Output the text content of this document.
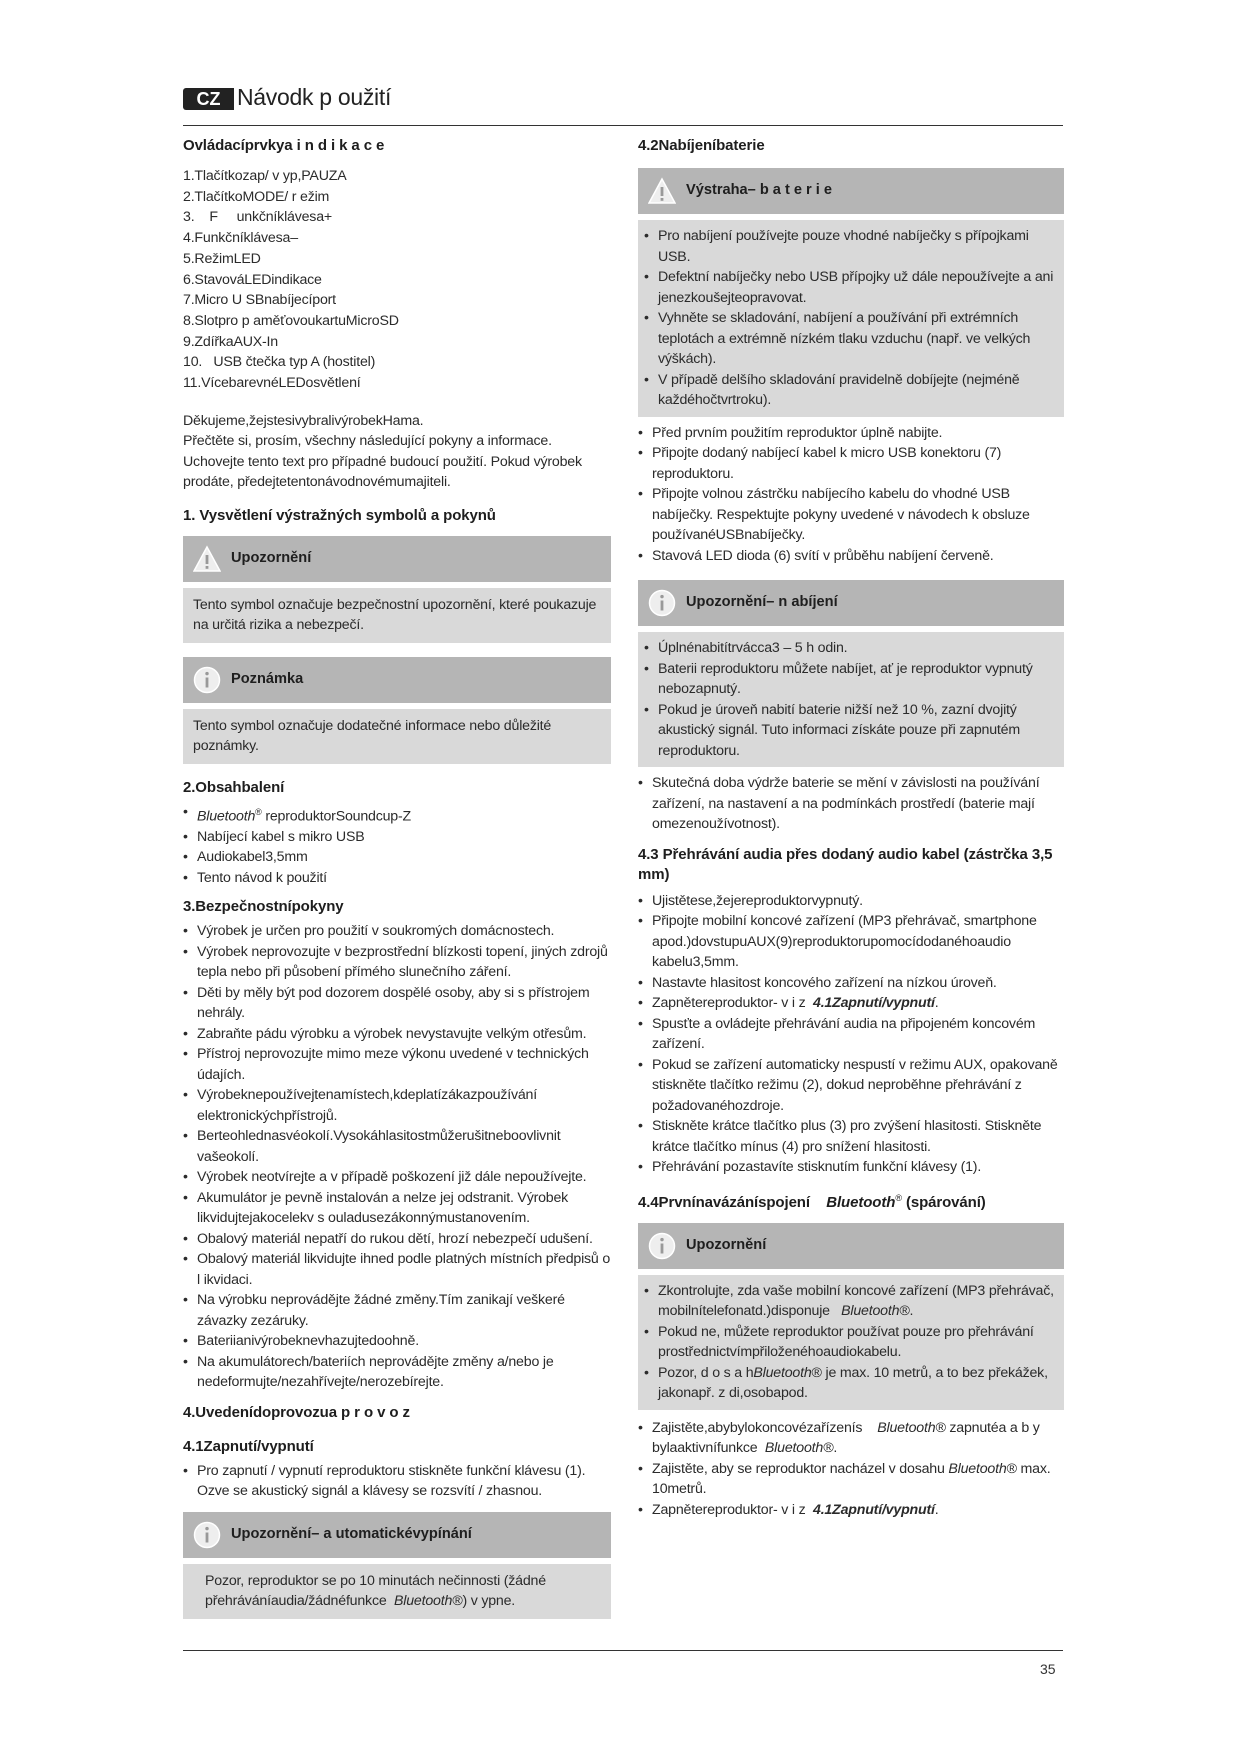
CZ Návodk p oužití
Ovládacíprvkya i n d i k a c e
1.Tlačítkozap/ v yp,PAUZA
2.TlačítkoMODE/ r ežim
3.    F     unkčníklávesa+
4.Funkčníklávesa–
5.RežimLED
6.StavováLEDindikace
7.Micro U SBnabíjecíport
8.Slotpro p aměťovoukartuMicroSD
9.ZdířkaAUX-In
10.   USB čtečka typ A (hostitel)
11.VícebarevnéLEDosvětlení

Děkujeme,žejstesivybralivýrobekHama.

Přečtěte si, prosím, všechny následující pokyny a informace. Uchovejte tento text pro případné budoucí použití. Pokud výrobek prodáte, předejtetentonávodnovémumajiteli.

1. Vysvětlení výstražných symbolů a pokynů
Upozornění

Tento symbol označuje bezpečnostní upozornění, které poukazuje na určitá rizika a nebezpečí.

Poznámka

Tento symbol označuje dodatečné informace nebo důležité poznámky.

2.Obsahbalení
• Bluetooth® reproduktorSoundcup-Z
• Nabíjecí kabel s mikro USB
• Audiokabel3,5mm
• Tento návod k použití
3.Bezpečnostnípokyny
• Výrobek je určen pro použití v soukromých domácnostech.
• Výrobek neprovozujte v bezprostřední blízkosti topení, jiných zdrojů tepla nebo při působení přímého slunečního záření.
• Děti by měly být pod dozorem dospělé osoby, aby si s přístrojem nehrály.
• Zabraňte pádu výrobku a výrobek nevystavujte velkým otřesům.
• Přístroj neprovozujte mimo meze výkonu uvedené v technických údajích.
• Výrobeknepoužívejtenamístech,kdeplatízákazpoužívání elektronickýchpřístrojů.
• Berteohlednasvéokolí.Vysokáhlasitostmůžerušitneboovlivnit vašeokolí.
• Výrobek neotvírejte a v případě poškození již dále nepoužívejte.
• Akumulátor je pevně instalován a nelze jej odstranit. Výrobek likvidujtejakocelekv s ouladusezákonnýmustanovením.
• Obalový materiál nepatří do rukou dětí, hrozí nebezpečí udušení.
• Obalový materiál likvidujte ihned podle platných místních předpisů o l ikvidaci.
• Na výrobku neprovádějte žádné změny.Tím zanikají veškeré závazky zezáruky.
• Bateriianivýrobeknevhazujtedoohně.
• Na akumulátorech/bateriích neprovádějte změny a/nebo je nedeformujte/nezahřívejte/nerozebírejte.
4.Uvedenídoprovozua p r o v o z
4.1Zapnutí/vypnutí
• Pro zapnutí / vypnutí reproduktoru stiskněte funkční klávesu (1). Ozve se akustický signál a klávesy se rozsvítí / zhasnou.
Upozornění– a utomatickévypínání

Pozor, reproduktor se po 10 minutách nečinnosti (žádné přehráváníaudia/žádnéfunkce Bluetooth®) v ypne.

4.2Nabíjeníbaterie
Výstraha– b a t e r i e
• Pro nabíjení používejte pouze vhodné nabíječky s přípojkami USB.
• Defektní nabíječky nebo USB přípojky už dále nepoužívejte a ani jenezkoušejteopravovat.
• Vyhněte se skladování, nabíjení a používání při extrémních teplotách a extrémně nízkém tlaku vzduchu (např. ve velkých výškách).
• V případě delšího skladování pravidelně dobíjejte (nejméně každéhočtvrtroku).
• Před prvním použitím reproduktor úplně nabijte.
• Připojte dodaný nabíjecí kabel k micro USB konektoru (7) reproduktoru.
• Připojte volnou zástrčku nabíjecího kabelu do vhodné USB nabíječky. Respektujte pokyny uvedené v návodech k obsluze používanéUSBnabíječky.
• Stavová LED dioda (6) svítí v průběhu nabíjení červeně.
Upozornění– n abíjení
• Úplnénabitítrvácca3 – 5 h odin.
• Baterii reproduktoru můžete nabíjet, ať je reproduktor vypnutý nebozapnutý.
• Pokud je úroveň nabití baterie nižší než 10 %, zazní dvojitý akustický signál. Tuto informaci získáte pouze při zapnutém reproduktoru.
• Skutečná doba výdrže baterie se mění v závislosti na používání zařízení, na nastavení a na podmínkách prostředí (baterie mají omezenoužívotnost).
4.3 Přehrávání audia přes dodaný audio kabel (zástrčka 3,5 mm)
• Ujistětese,žejereproduktorvypnutý.
• Připojte mobilní koncové zařízení (MP3 přehrávač, smartphone apod.)dovstupuAUX(9)reproduktorupomocídodanéhoaudio kabelu3,5mm.
• Nastavte hlasitost koncového zařízení na nízkou úroveň.
• Zapnětereproduktor- v i z 4.1Zapnutí/vypnutí.
• Spusťte a ovládejte přehrávání audia na připojeném koncovém zařízení.
• Pokud se zařízení automaticky nespustí v režimu AUX, opakovaně stiskněte tlačítko režimu (2), dokud neproběhne přehrávání z požadovanéhozdroje.
• Stiskněte krátce tlačítko plus (3) pro zvýšení hlasitosti. Stiskněte krátce tlačítko mínus (4) pro snížení hlasitosti.
• Přehrávání pozastavíte stisknutím funkční klávesy (1).
4.4Prvnínavázáníspojení Bluetooth® (spárování)
Upozornění
• Zkontrolujte, zda vaše mobilní koncové zařízení (MP3 přehrávač, mobilnítelefonatd.)disponuje Bluetooth®.
• Pokud ne, můžete reproduktor používat pouze pro přehrávání prostřednictvímpřiloženéhoaudiokabelu.
• Pozor, d o s a hBluetooth® je max. 10 metrů, a to bez překážek, jakonapř. z di,osobapod.
• Zajistěte,abybylokoncovézařízenís Bluetooth® zapnutéa a b y bylaaktivnífunkce Bluetooth®.
• Zajistěte, aby se reproduktor nacházel v dosahu Bluetooth® max. 10metrů.
• Zapnětereproduktor- v i z 4.1Zapnutí/vypnutí.
35
